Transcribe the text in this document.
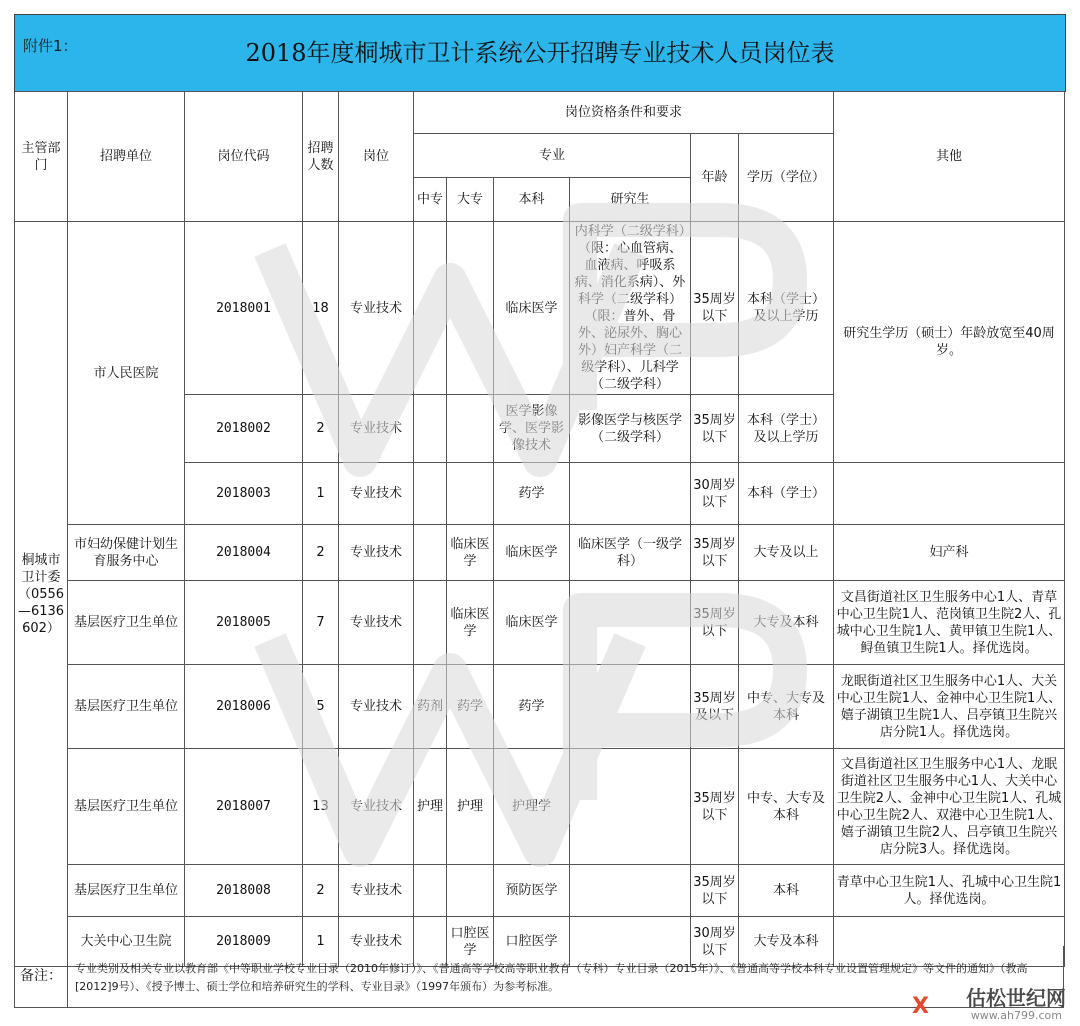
附件1：	2018年度桐城市卫计系统公开招聘专业技术人员岗位表
主管部门	招聘单位	岗位代码	招聘人数	岗位	岗位资格条件和要求						其他
					专业				年龄	学历（学位）	
					中专	大专	本科	研究生			
桐城市卫计委（0556—6136602）	市人民医院	2018001	18	专业技术			临床医学	内科学（二级学科）（限：心血管病、血液病、呼吸系病、消化系病）、外科学（二级学科）（限：普外、骨外、泌尿外、胸心外）妇产科学（二级学科）、儿科学（二级学科）	35周岁以下	本科（学士）及以上学历	研究生学历（硕士）年龄放宽至40周岁。
		2018002	2	专业技术			医学影像学、医学影像技术	影像医学与核医学（二级学科）	35周岁以下	本科（学士）及以上学历	
		2018003	1	专业技术			药学		30周岁以下	本科（学士）	
	市妇幼保健计划生育服务中心	2018004	2	专业技术		临床医学	临床医学	临床医学（一级学科）	35周岁以下	大专及以上	妇产科
	基层医疗卫生单位	2018005	7	专业技术		临床医学	临床医学		35周岁以下	大专及本科	文昌街道社区卫生服务中心1人、青草中心卫生院1人、范岗镇卫生院2人、孔城中心卫生院1人、黄甲镇卫生院1人、鲟鱼镇卫生院1人。择优选岗。
	基层医疗卫生单位	2018006	5	专业技术	药剂	药学	药学		35周岁及以下	中专、大专及本科	龙眠街道社区卫生服务中心1人、大关中心卫生院1人、金神中心卫生院1人、嬉子湖镇卫生院1人、吕亭镇卫生院兴店分院1人。择优选岗。
	基层医疗卫生单位	2018007	13	专业技术	护理	护理	护理学		35周岁以下	中专、大专及本科	文昌街道社区卫生服务中心1人、龙眠街道社区卫生服务中心1人、大关中心卫生院2人、金神中心卫生院1人、孔城中心卫生院2人、双港中心卫生院1人、嬉子湖镇卫生院2人、吕亭镇卫生院兴店分院3人。择优选岗。
	基层医疗卫生单位	2018008	2	专业技术			预防医学		35周岁以下	本科	青草中心卫生院1人、孔城中心卫生院1人。择优选岗。
	大关中心卫生院	2018009	1	专业技术		口腔医学	口腔医学		30周岁以下	大专及本科	
备注：	专业类别及相关专业以教育部《中等职业学校专业目录（2010年修订）》、《普通高等学校高等职业教育（专科）专业目录（2015年）》、《普通高等学校本科专业设置管理规定》等文件的通知》（教高[2012]9号）、《授予博士、硕士学位和培养研究生的学科、专业目录》（1997年颁布）为参考标准。
X 估松世纪网
www.ah799.com
